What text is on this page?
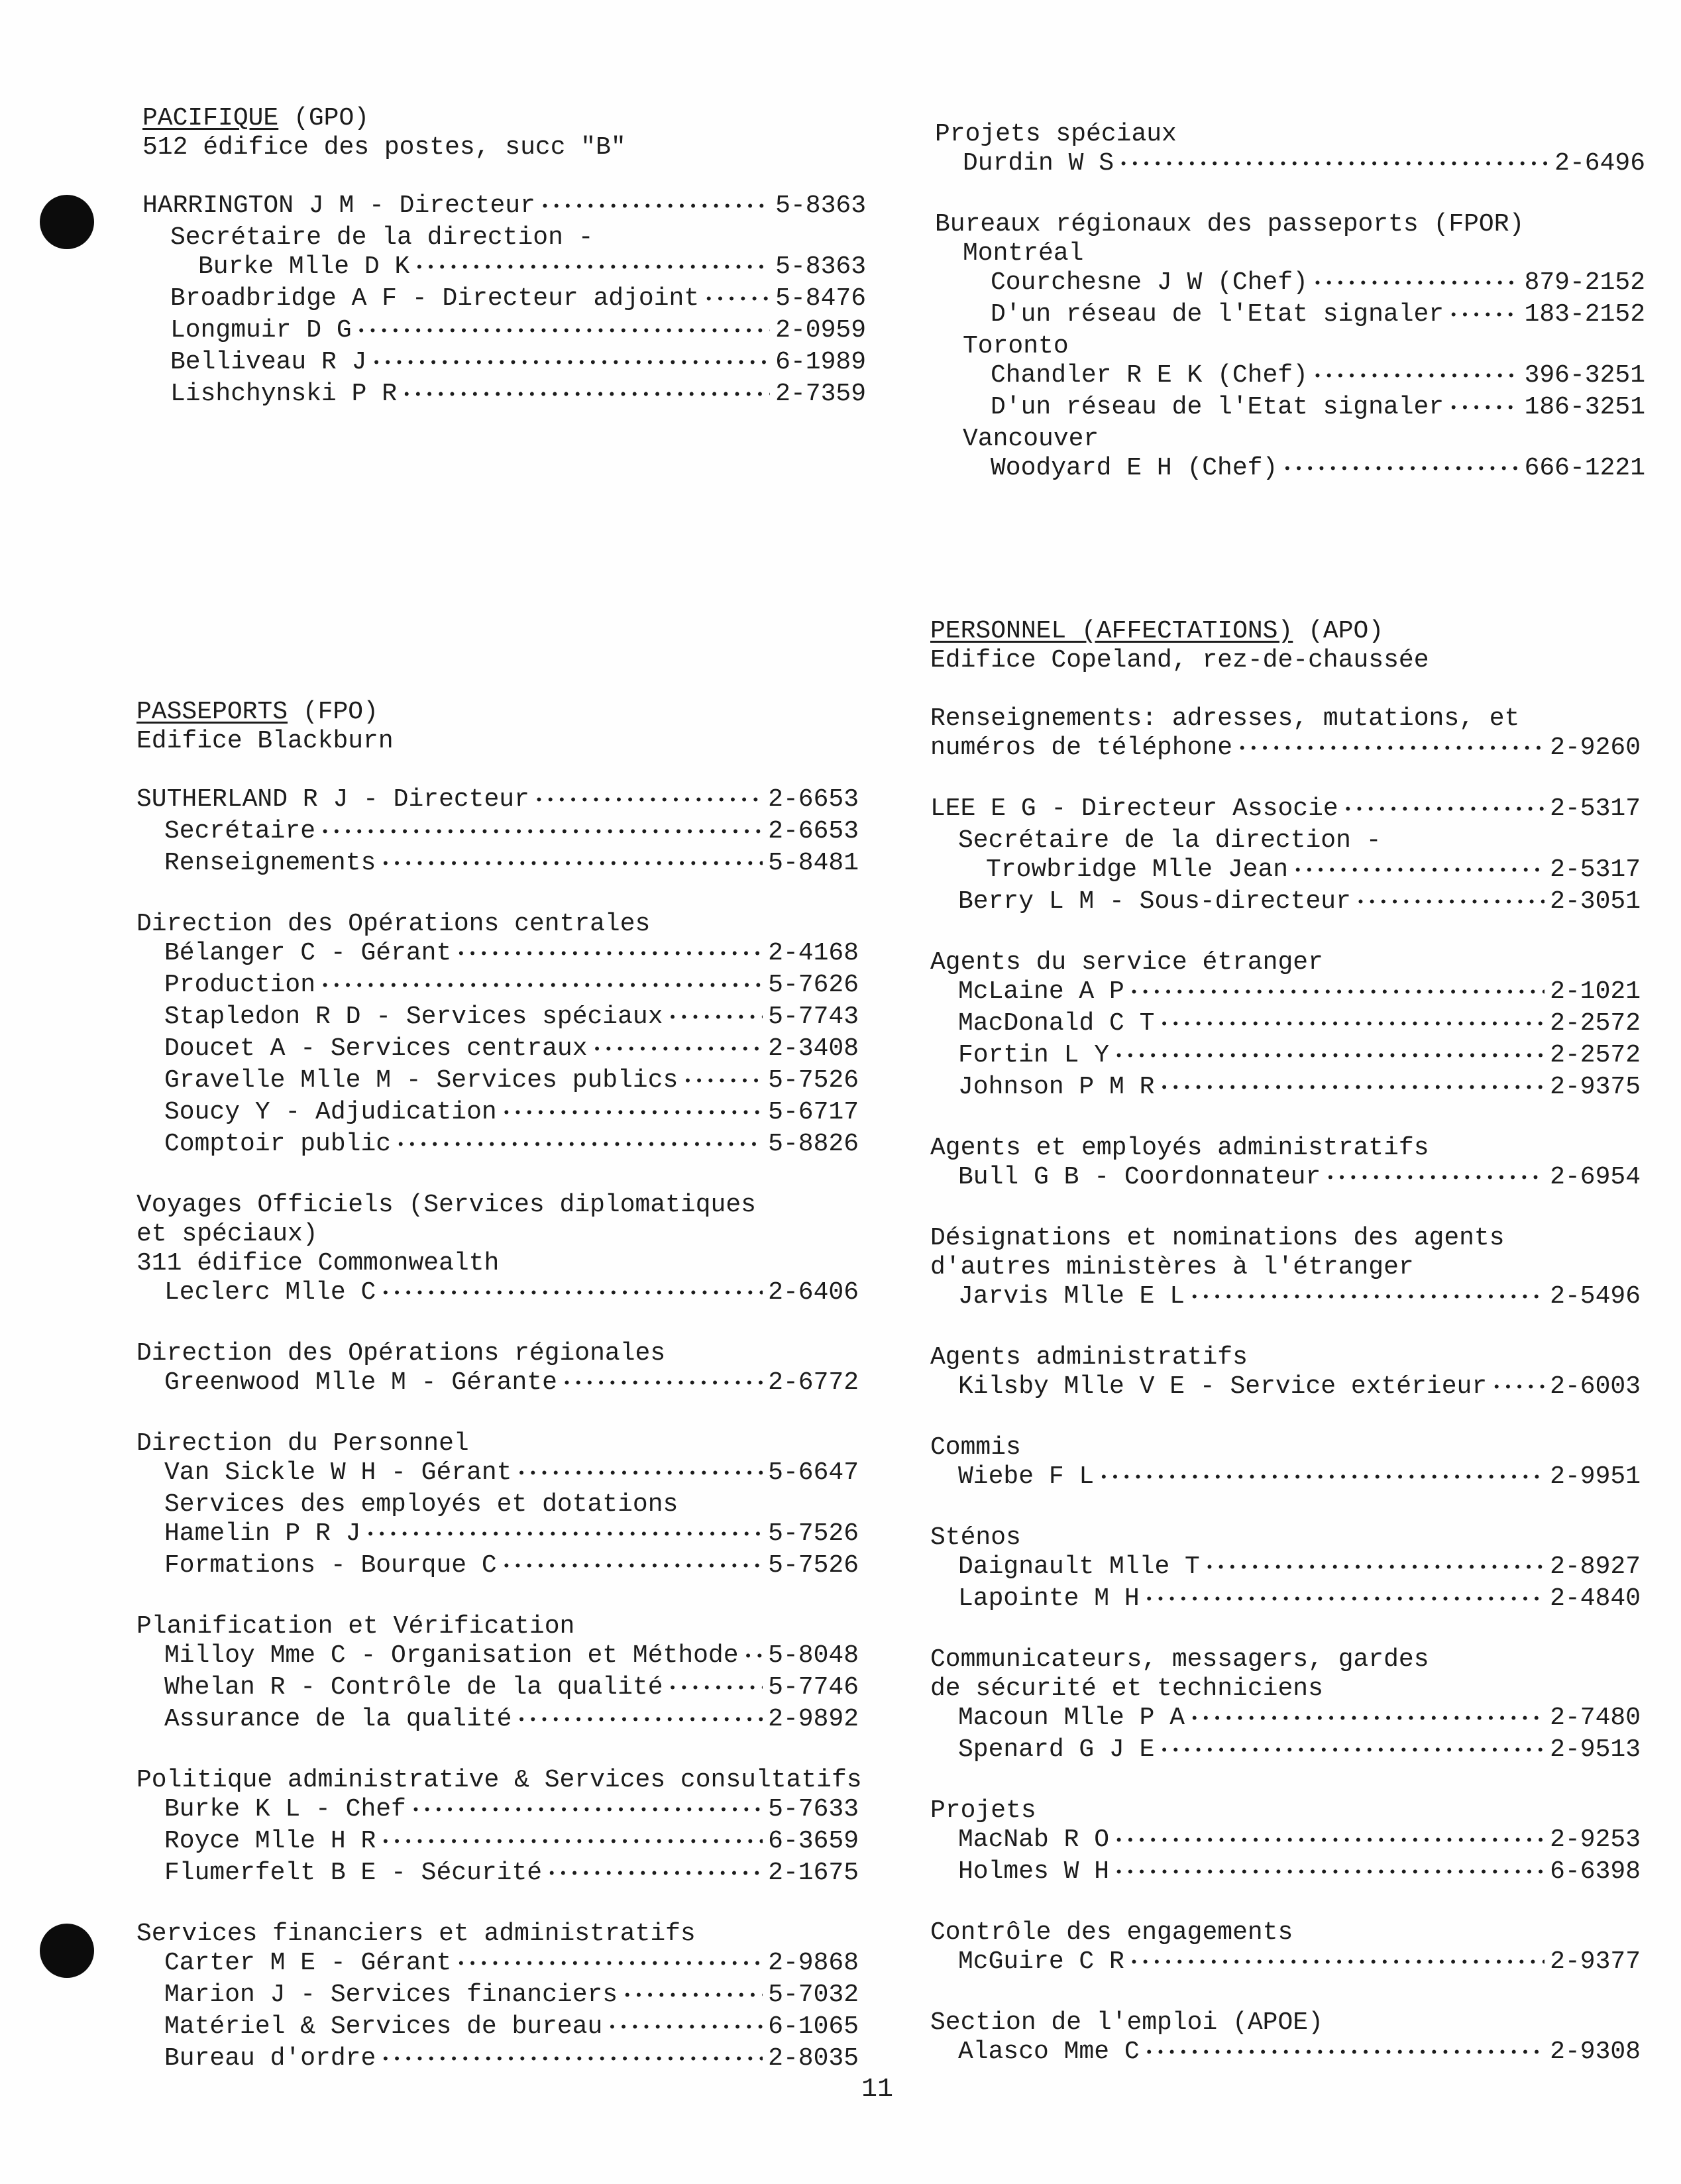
PACIFIQUE (GPO)
512 édifice des postes, succ "B"
HARRINGTON J M - Directeur •••••	5-8363
Secrétaire de la direction -
Burke Mlle D K •••••	5-8363
Broadbridge A F - Directeur adjoint •••••	5-8476
Longmuir D G •••••	2-0959
Belliveau R J •••••	6-1989
Lishchynski P R •••••	2-7359
Projets spéciaux
Durdin W S •••••	2-6496
Bureaux régionaux des passeports (FPOR)
Montréal
Courchesne J W (Chef) •••••	879-2152
D'un réseau de l'Etat signaler •••••	183-2152
Toronto
Chandler R E K (Chef) •••••	396-3251
D'un réseau de l'Etat signaler •••••	186-3251
Vancouver
Woodyard E H (Chef) •••••	666-1221
PASSEPORTS (FPO)
Edifice Blackburn
SUTHERLAND R J - Directeur •••••	2-6653
Secrétaire •••••	2-6653
Renseignements •••••	5-8481
Direction des Opérations centrales
Bélanger C - Gérant •••••	2-4168
Production •••••	5-7626
Stapledon R D - Services spéciaux •••••	5-7743
Doucet A - Services centraux •••••	2-3408
Gravelle Mlle M - Services publics •••••	5-7526
Soucy Y - Adjudication •••••	5-6717
Comptoir public •••••	5-8826
Voyages Officiels (Services diplomatiques
et spéciaux)
311 édifice Commonwealth
Leclerc Mlle C •••••	2-6406
Direction des Opérations régionales
Greenwood Mlle M - Gérante •••••	2-6772
Direction du Personnel
Van Sickle W H - Gérant •••••	5-6647
Services des employés et dotations
Hamelin P R J •••••	5-7526
Formations - Bourque C •••••	5-7526
Planification et Vérification
Milloy Mme C - Organisation et Méthode ••••• 5-8048
Whelan R - Contrôle de la qualité •••••	5-7746
Assurance de la qualité •••••	2-9892
Politique administrative & Services consultatifs
Burke K L - Chef •••••	5-7633
Royce Mlle H R •••••	6-3659
Flumerfelt B E - Sécurité •••••	2-1675
Services financiers et administratifs
Carter M E - Gérant •••••	2-9868
Marion J - Services financiers •••••	5-7032
Matériel & Services de bureau •••••	6-1065
Bureau d'ordre •••••	2-8035
PERSONNEL (AFFECTATIONS) (APO)
Edifice Copeland, rez-de-chaussée
Renseignements: adresses, mutations, et
numéros de téléphone •••••	2-9260
LEE E G - Directeur Associe •••••	2-5317
Secrétaire de la direction -
Trowbridge Mlle Jean •••••	2-5317
Berry L M - Sous-directeur •••••	2-3051
Agents du service étranger
McLaine A P •••••	2-1021
MacDonald C T •••••	2-2572
Fortin L Y •••••	2-2572
Johnson P M R •••••	2-9375
Agents et employés administratifs
Bull G B - Coordonnateur •••••	2-6954
Désignations et nominations des agents
d'autres ministères à l'étranger
Jarvis Mlle E L •••••	2-5496
Agents administratifs
Kilsby Mlle V E - Service extérieur •••••	2-6003
Commis
Wiebe F L •••••	2-9951
Sténos
Daignault Mlle T •••••	2-8927
Lapointe M H •••••	2-4840
Communicateurs, messagers, gardes
de sécurité et techniciens
Macoun Mlle P A •••••	2-7480
Spenard G J E •••••	2-9513
Projets
MacNab R O •••••	2-9253
Holmes W H •••••	6-6398
Contrôle des engagements
McGuire C R •••••	2-9377
Section de l'emploi (APOE)
Alasco Mme C •••••	2-9308
11
